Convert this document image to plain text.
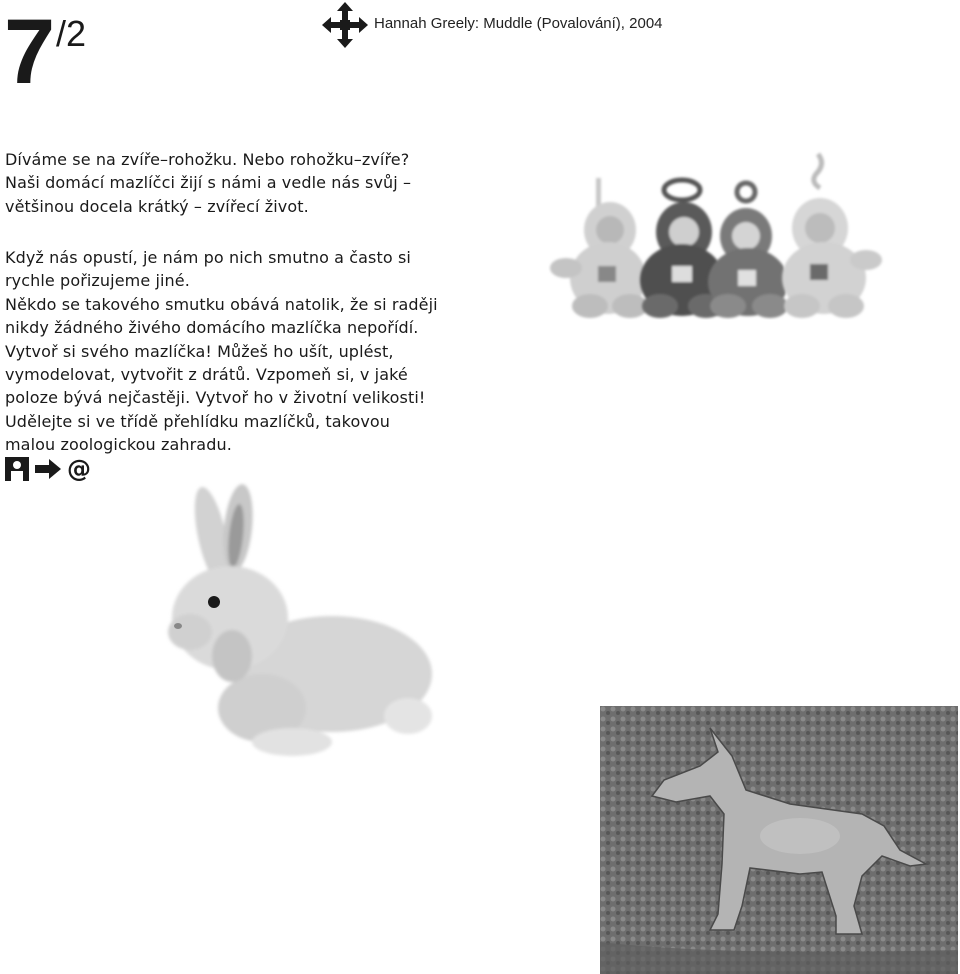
7 /2	Hannah Greely: Muddle (Povalování), 2004

Díváme se na zvíře–rohožku. Nebo rohožku–zvíře?

Naši domácí mazlíčci žijí s námi a vedle nás svůj –

většinou docela krátký – zvířecí život.

Když nás opustí, je nám po nich smutno a často si

rychle pořizujeme jiné.

Někdo se takového smutku obává natolik, že si raději

nikdy žádného živého domácího mazlíčka nepořídí.

Vytvoř si svého mazlíčka! Můžeš ho ušít, uplést,

vymodelovat, vytvořit z drátů. Vzpomeň si, v jaké

poloze bývá nejčastěji. Vytvoř ho v životní velikosti!

Udělejte si ve třídě přehlídku mazlíčků, takovou

malou zoologickou zahradu.

@
